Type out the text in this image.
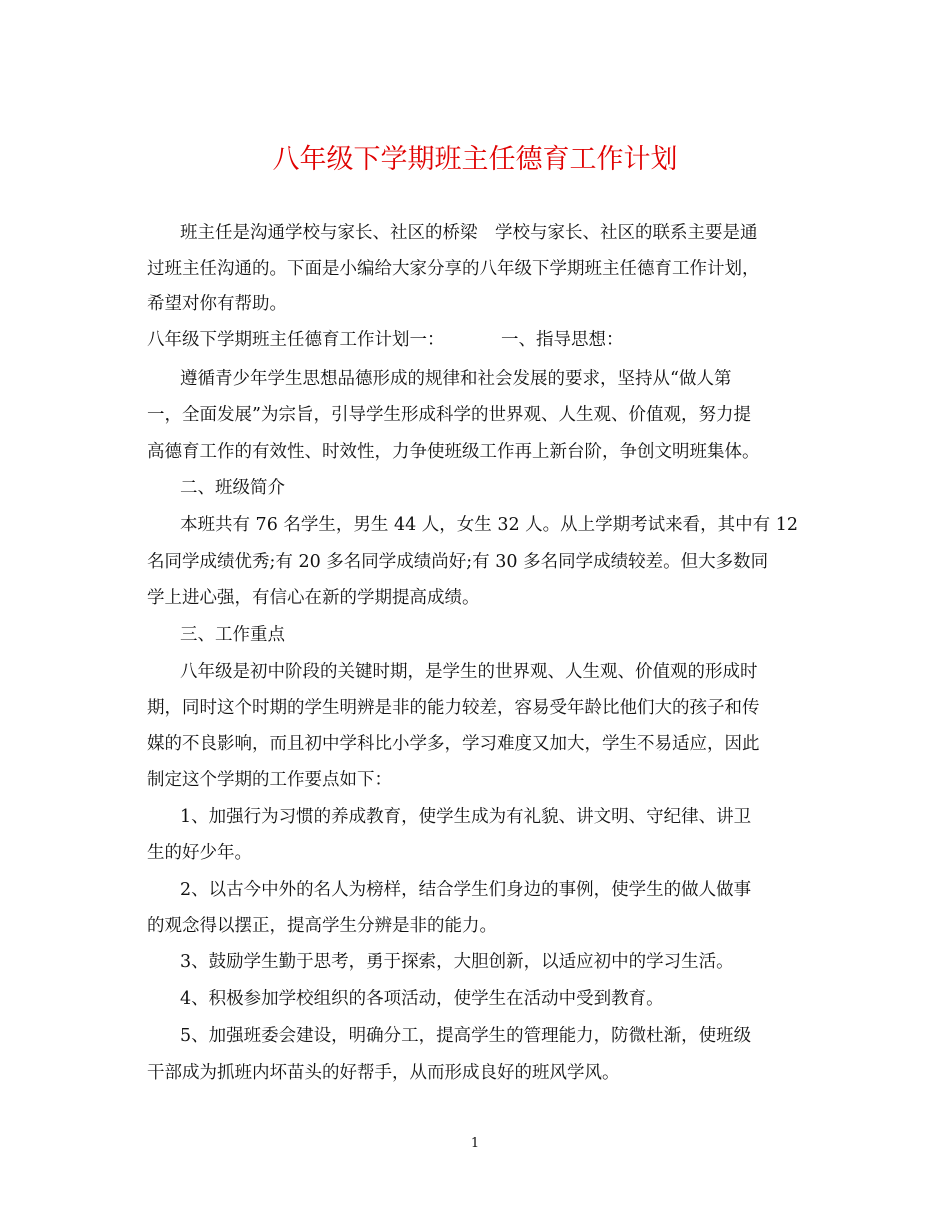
八年级下学期班主任德育工作计划
班主任是沟通学校与家长、社区的桥梁　学校与家长、社区的联系主要是通
过班主任沟通的。下面是小编给大家分享的八年级下学期班主任德育工作计划，
希望对你有帮助。
八年级下学期班主任德育工作计划一：	一、指导思想：
遵循青少年学生思想品德形成的规律和社会发展的要求，坚持从“做人第
一，全面发展”为宗旨，引导学生形成科学的世界观、人生观、价值观，努力提
高德育工作的有效性、时效性，力争使班级工作再上新台阶，争创文明班集体。
二、班级简介
本班共有 76 名学生，男生 44 人，女生 32 人。从上学期考试来看，其中有 12
名同学成绩优秀;有 20 多名同学成绩尚好;有 30 多名同学成绩较差。但大多数同
学上进心强，有信心在新的学期提高成绩。
三、工作重点
八年级是初中阶段的关键时期，是学生的世界观、人生观、价值观的形成时
期，同时这个时期的学生明辨是非的能力较差，容易受年龄比他们大的孩子和传
媒的不良影响，而且初中学科比小学多，学习难度又加大，学生不易适应，因此
制定这个学期的工作要点如下：
1、加强行为习惯的养成教育，使学生成为有礼貌、讲文明、守纪律、讲卫
生的好少年。
2、以古今中外的名人为榜样，结合学生们身边的事例，使学生的做人做事
的观念得以摆正，提高学生分辨是非的能力。
3、鼓励学生勤于思考，勇于探索，大胆创新，以适应初中的学习生活。
4、积极参加学校组织的各项活动，使学生在活动中受到教育。
5、加强班委会建设，明确分工，提高学生的管理能力，防微杜渐，使班级
干部成为抓班内坏苗头的好帮手，从而形成良好的班风学风。
1
